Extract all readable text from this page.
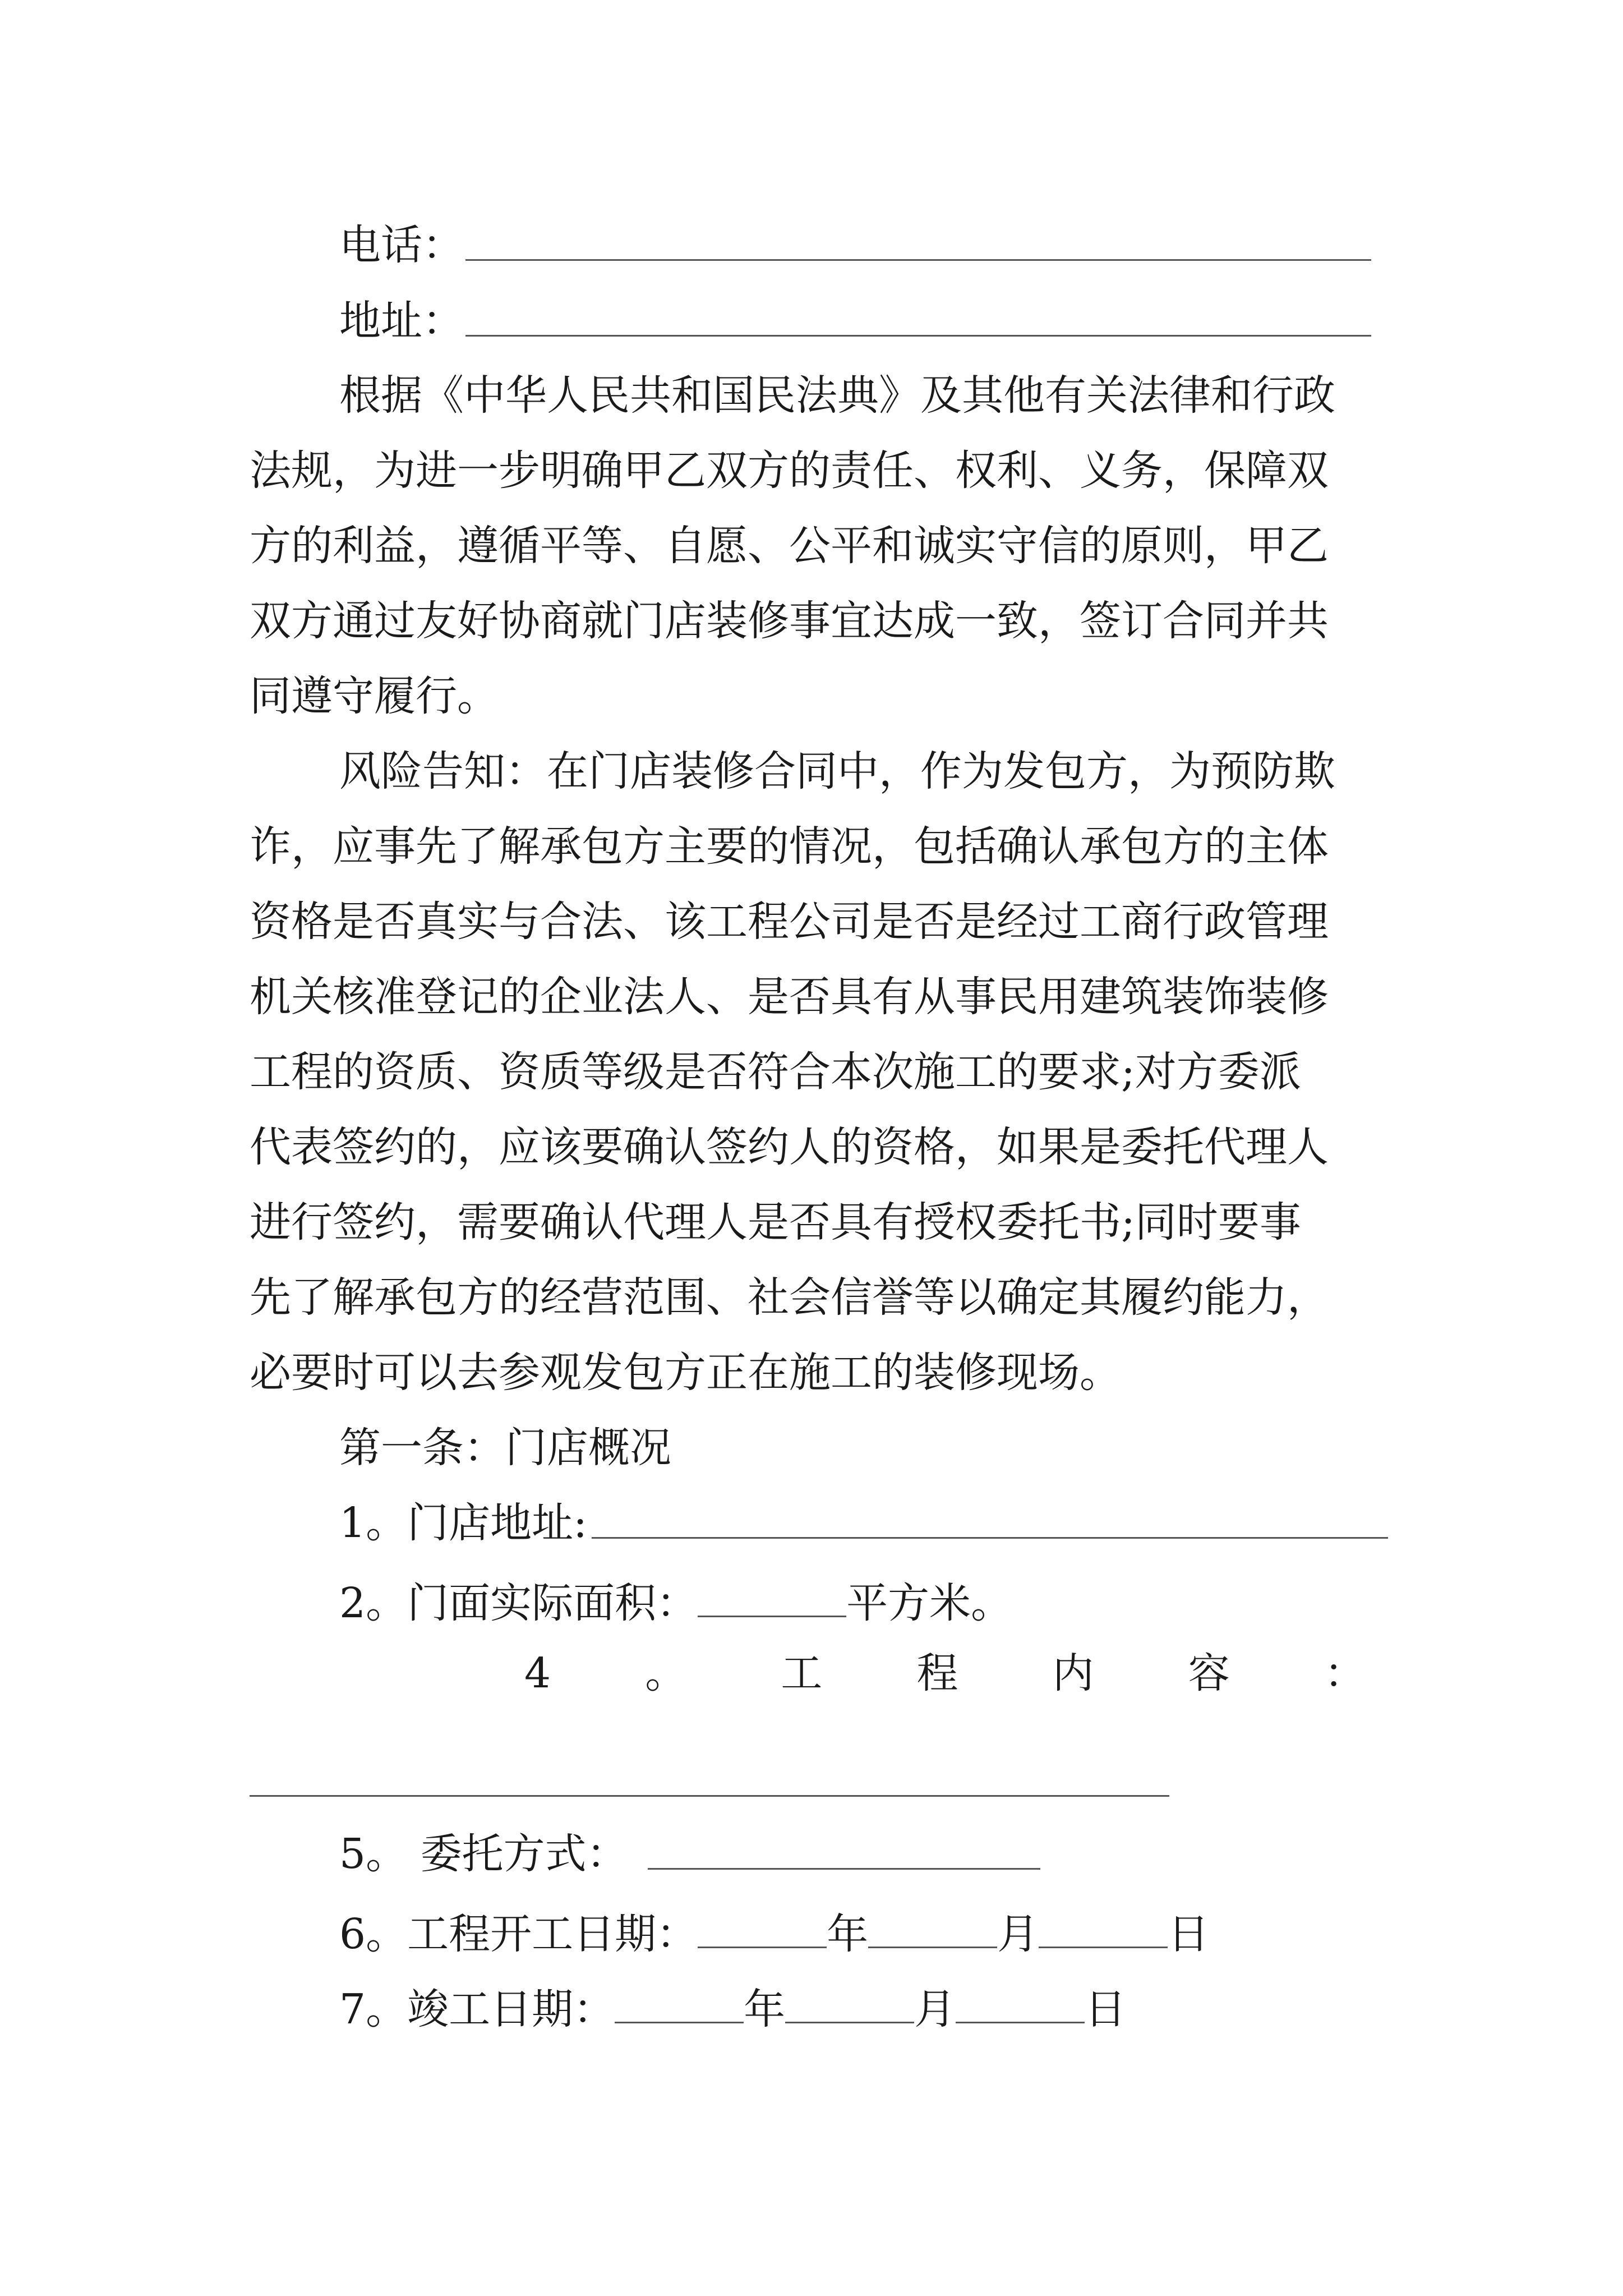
电话：
地址：
根据《中华人民共和国民法典》及其他有关法律和行政
法规，为进一步明确甲乙双方的责任、权利、义务，保障双
方的利益，遵循平等、自愿、公平和诚实守信的原则，甲乙
双方通过友好协商就门店装修事宜达成一致，签订合同并共
同遵守履行。
风险告知：在门店装修合同中，作为发包方，为预防欺
诈，应事先了解承包方主要的情况，包括确认承包方的主体
资格是否真实与合法、该工程公司是否是经过工商行政管理
机关核准登记的企业法人、是否具有从事民用建筑装饰装修
工程的资质、资质等级是否符合本次施工的要求;对方委派
代表签约的，应该要确认签约人的资格，如果是委托代理人
进行签约，需要确认代理人是否具有授权委托书;同时要事
先了解承包方的经营范围、社会信誉等以确定其履约能力，
必要时可以去参观发包方正在施工的装修现场。
第一条：门店概况
1。门店地址:
2。门面实际面积：	平方米。
4 。 工 程 内 容 ：
5。 委托方式：
6。工程开工日期：	年	月	日
7。竣工日期：	年	月	日
